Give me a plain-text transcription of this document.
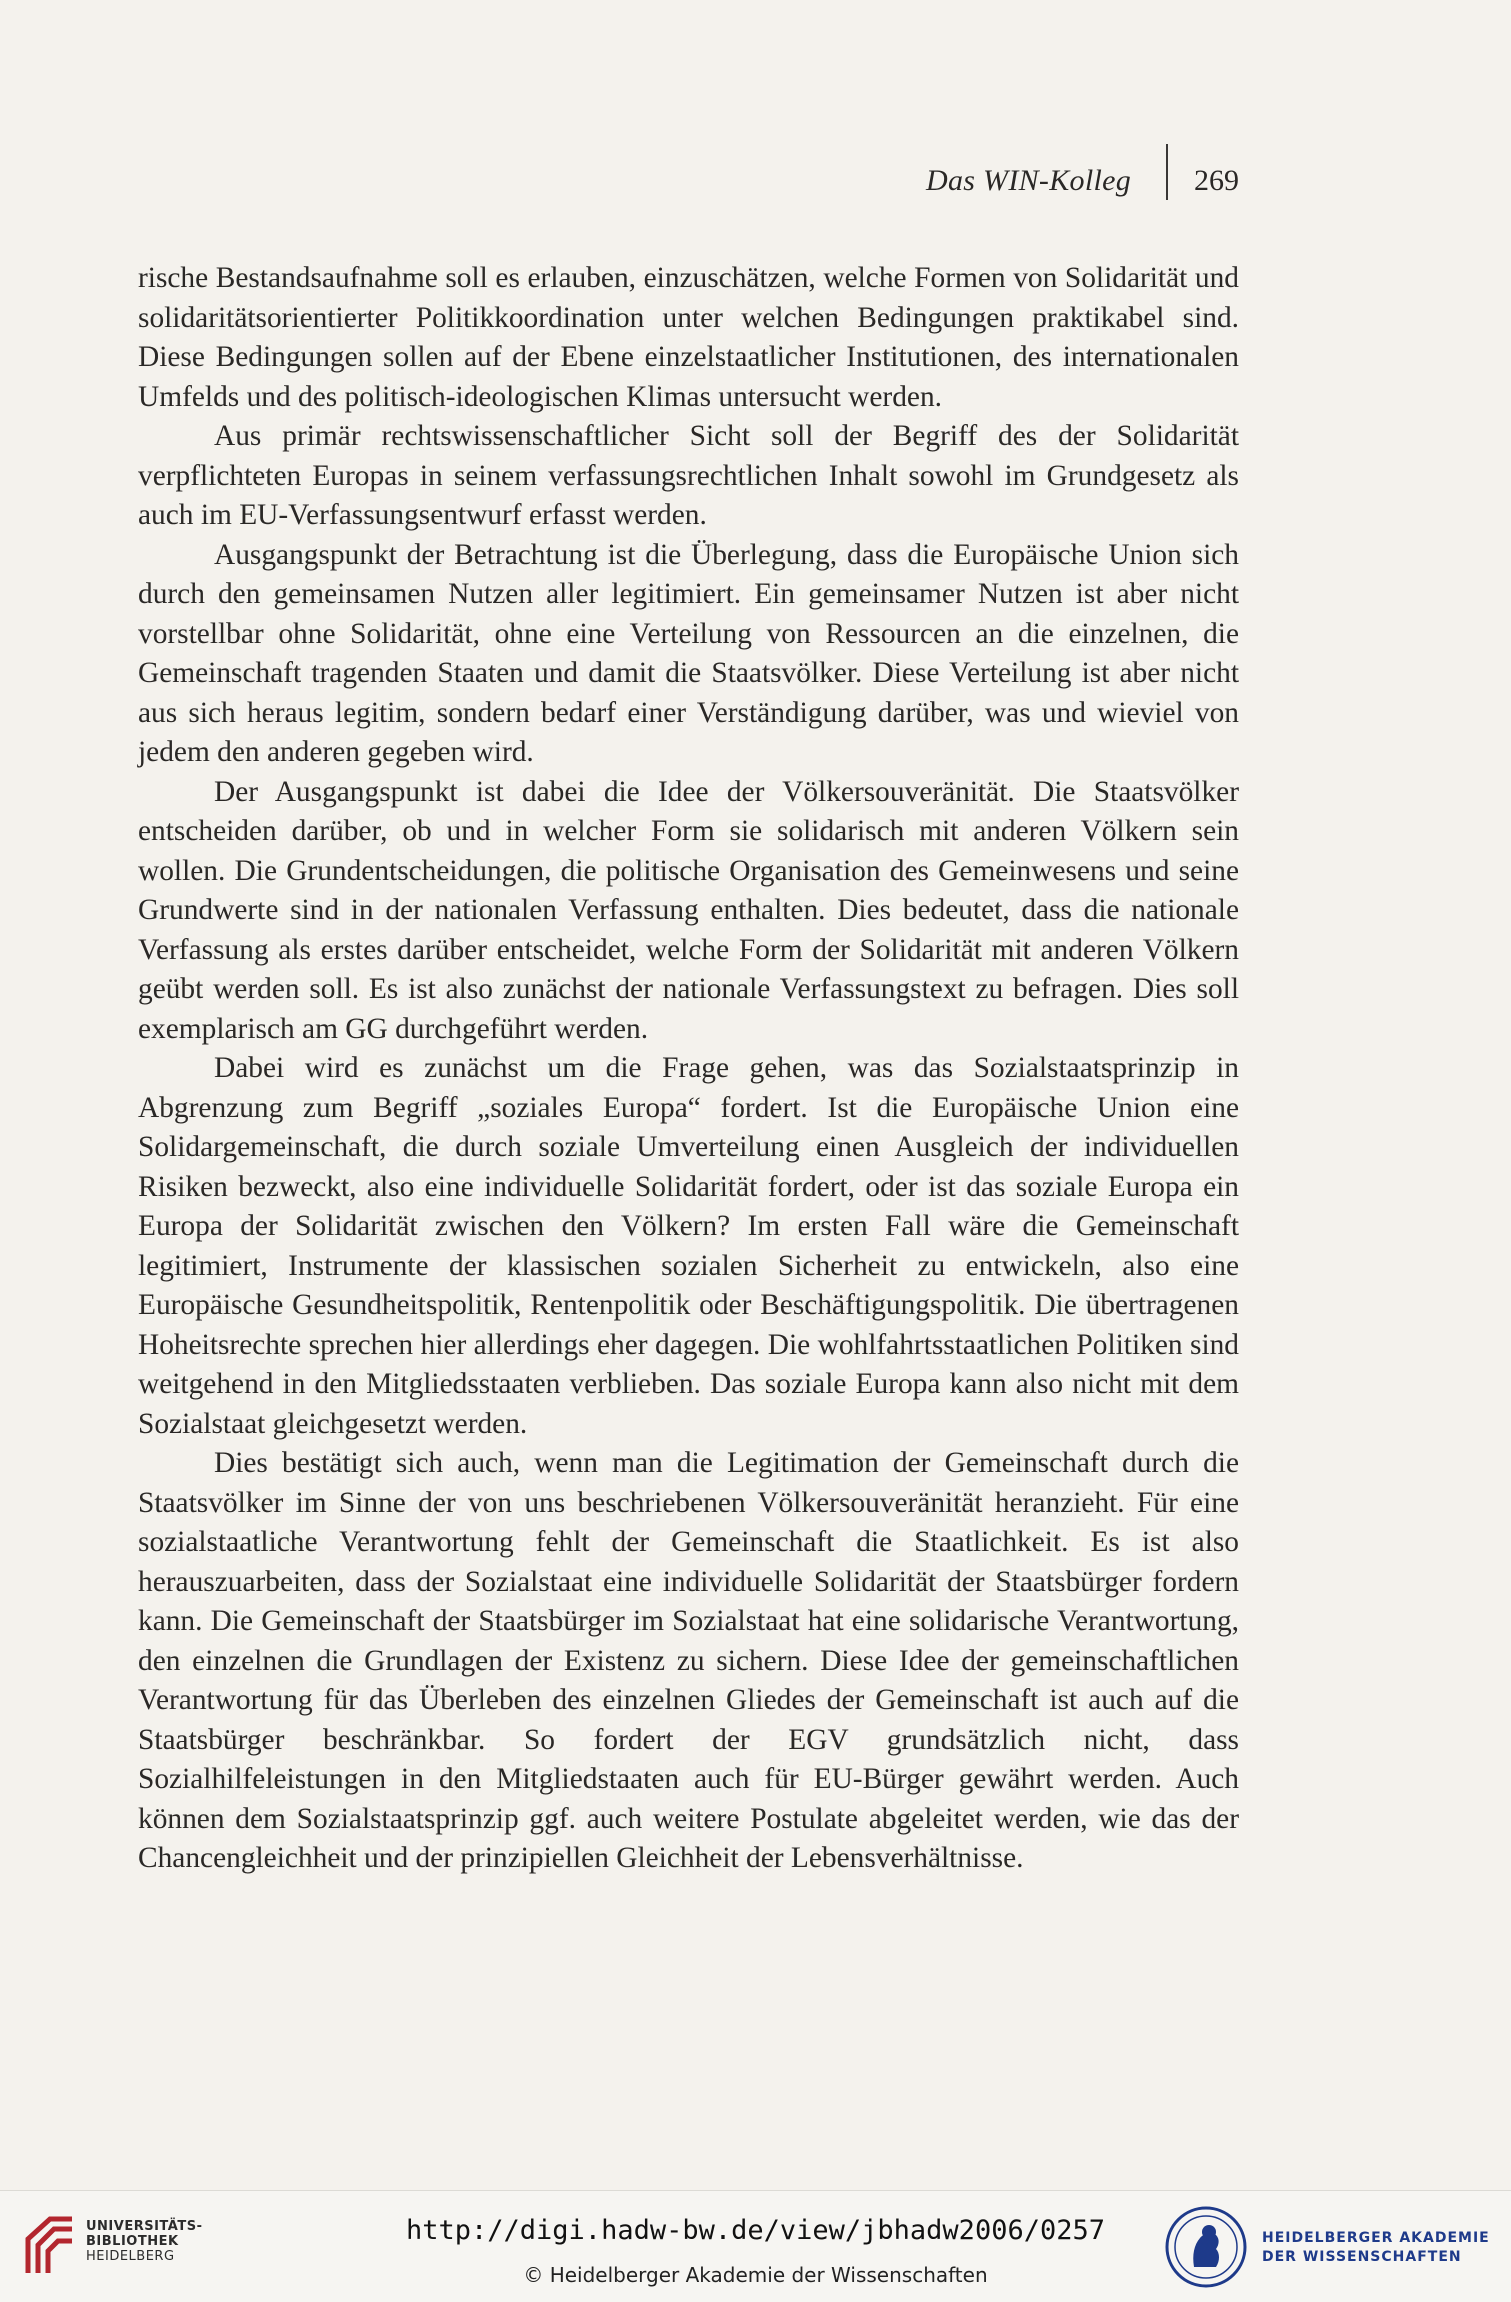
Das WIN-Kolleg 269

rische Bestandsaufnahme soll es erlauben, einzuschätzen, welche Formen von Solidarität und solidaritätsorientierter Politikkoordination unter welchen Bedingungen praktikabel sind. Diese Bedingungen sollen auf der Ebene einzelstaatlicher Institutionen, des internationalen Umfelds und des politisch-ideologischen Klimas untersucht werden.

Aus primär rechtswissenschaftlicher Sicht soll der Begriff des der Solidarität verpflichteten Europas in seinem verfassungsrechtlichen Inhalt sowohl im Grundgesetz als auch im EU-Verfassungsentwurf erfasst werden.

Ausgangspunkt der Betrachtung ist die Überlegung, dass die Europäische Union sich durch den gemeinsamen Nutzen aller legitimiert. Ein gemeinsamer Nutzen ist aber nicht vorstellbar ohne Solidarität, ohne eine Verteilung von Ressourcen an die einzelnen, die Gemeinschaft tragenden Staaten und damit die Staatsvölker. Diese Verteilung ist aber nicht aus sich heraus legitim, sondern bedarf einer Verständigung darüber, was und wieviel von jedem den anderen gegeben wird.

Der Ausgangspunkt ist dabei die Idee der Völkersouveränität. Die Staatsvölker entscheiden darüber, ob und in welcher Form sie solidarisch mit anderen Völkern sein wollen. Die Grundentscheidungen, die politische Organisation des Gemeinwesens und seine Grundwerte sind in der nationalen Verfassung enthalten. Dies bedeutet, dass die nationale Verfassung als erstes darüber entscheidet, welche Form der Solidarität mit anderen Völkern geübt werden soll. Es ist also zunächst der nationale Verfassungstext zu befragen. Dies soll exemplarisch am GG durchgeführt werden.

Dabei wird es zunächst um die Frage gehen, was das Sozialstaatsprinzip in Abgrenzung zum Begriff „soziales Europa“ fordert. Ist die Europäische Union eine Solidargemeinschaft, die durch soziale Umverteilung einen Ausgleich der individuellen Risiken bezweckt, also eine individuelle Solidarität fordert, oder ist das soziale Europa ein Europa der Solidarität zwischen den Völkern? Im ersten Fall wäre die Gemeinschaft legitimiert, Instrumente der klassischen sozialen Sicherheit zu entwickeln, also eine Europäische Gesundheitspolitik, Rentenpolitik oder Beschäftigungspolitik. Die übertragenen Hoheitsrechte sprechen hier allerdings eher dagegen. Die wohlfahrtsstaatlichen Politiken sind weitgehend in den Mitgliedsstaaten verblieben. Das soziale Europa kann also nicht mit dem Sozialstaat gleichgesetzt werden.

Dies bestätigt sich auch, wenn man die Legitimation der Gemeinschaft durch die Staatsvölker im Sinne der von uns beschriebenen Völkersouveränität heranzieht. Für eine sozialstaatliche Verantwortung fehlt der Gemeinschaft die Staatlichkeit. Es ist also herauszuarbeiten, dass der Sozialstaat eine individuelle Solidarität der Staatsbürger fordern kann. Die Gemeinschaft der Staatsbürger im Sozialstaat hat eine solidarische Verantwortung, den einzelnen die Grundlagen der Existenz zu sichern. Diese Idee der gemeinschaftlichen Verantwortung für das Überleben des einzelnen Gliedes der Gemeinschaft ist auch auf die Staatsbürger beschränkbar. So fordert der EGV grundsätzlich nicht, dass Sozialhilfeleistungen in den Mitgliedstaaten auch für EU-Bürger gewährt werden. Auch können dem Sozialstaatsprinzip ggf. auch weitere Postulate abgeleitet werden, wie das der Chancengleichheit und der prinzipiellen Gleichheit der Lebensverhältnisse.

UNIVERSITÄTS-
BIBLIOTHEK
HEIDELBERG
http://digi.hadw-bw.de/view/jbhadw2006/0257
© Heidelberger Akademie der Wissenschaften
HEIDELBERGER AKADEMIE
DER WISSENSCHAFTEN
